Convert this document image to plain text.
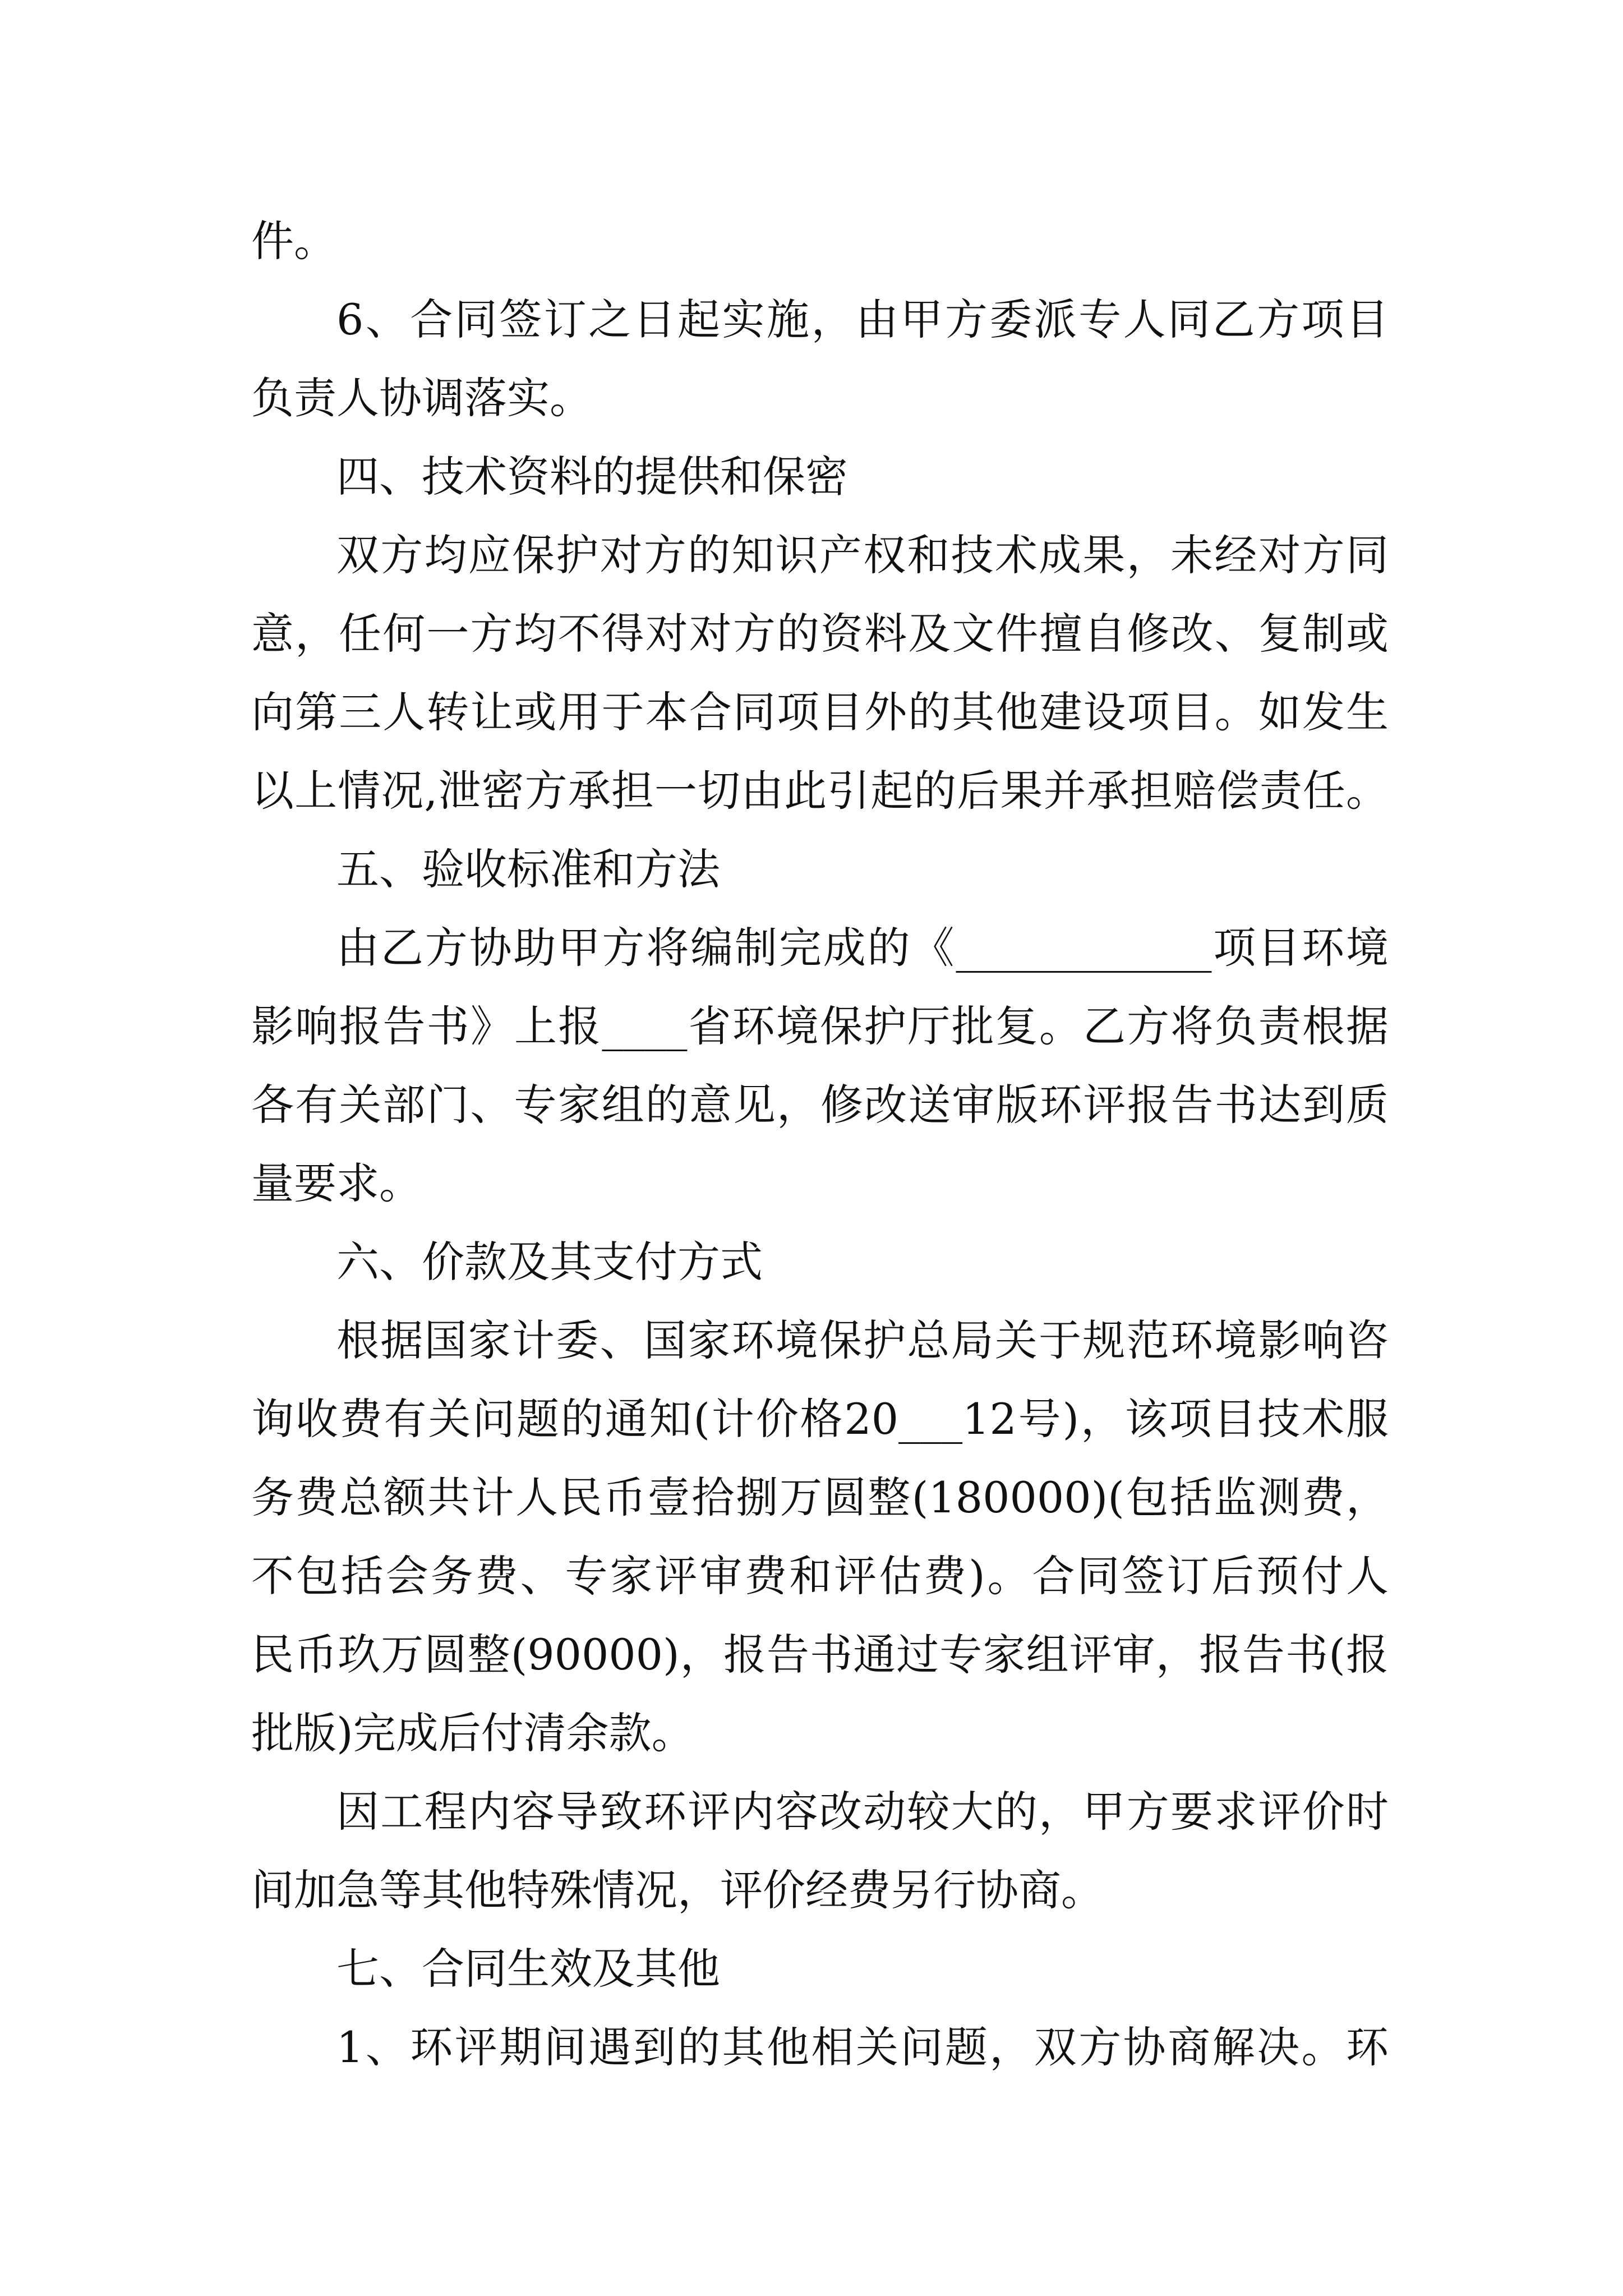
件。
6、合同签订之日起实施，由甲方委派专人同乙方项目
负责人协调落实。
四、技术资料的提供和保密
双方均应保护对方的知识产权和技术成果，未经对方同
意，任何一方均不得对对方的资料及文件擅自修改、复制或
向第三人转让或用于本合同项目外的其他建设项目。如发生
以上情况,泄密方承担一切由此引起的后果并承担赔偿责任。
五、验收标准和方法
由乙方协助甲方将编制完成的《____________项目环境
影响报告书》上报____省环境保护厅批复。乙方将负责根据
各有关部门、专家组的意见，修改送审版环评报告书达到质
量要求。
六、价款及其支付方式
根据国家计委、国家环境保护总局关于规范环境影响咨
询收费有关问题的通知(计价格20___12号)，该项目技术服
务费总额共计人民币壹拾捌万圆整(180000)(包括监测费，
不包括会务费、专家评审费和评估费)。合同签订后预付人
民币玖万圆整(90000)，报告书通过专家组评审，报告书(报
批版)完成后付清余款。
因工程内容导致环评内容改动较大的，甲方要求评价时
间加急等其他特殊情况，评价经费另行协商。
七、合同生效及其他
1、环评期间遇到的其他相关问题，双方协商解决。环
